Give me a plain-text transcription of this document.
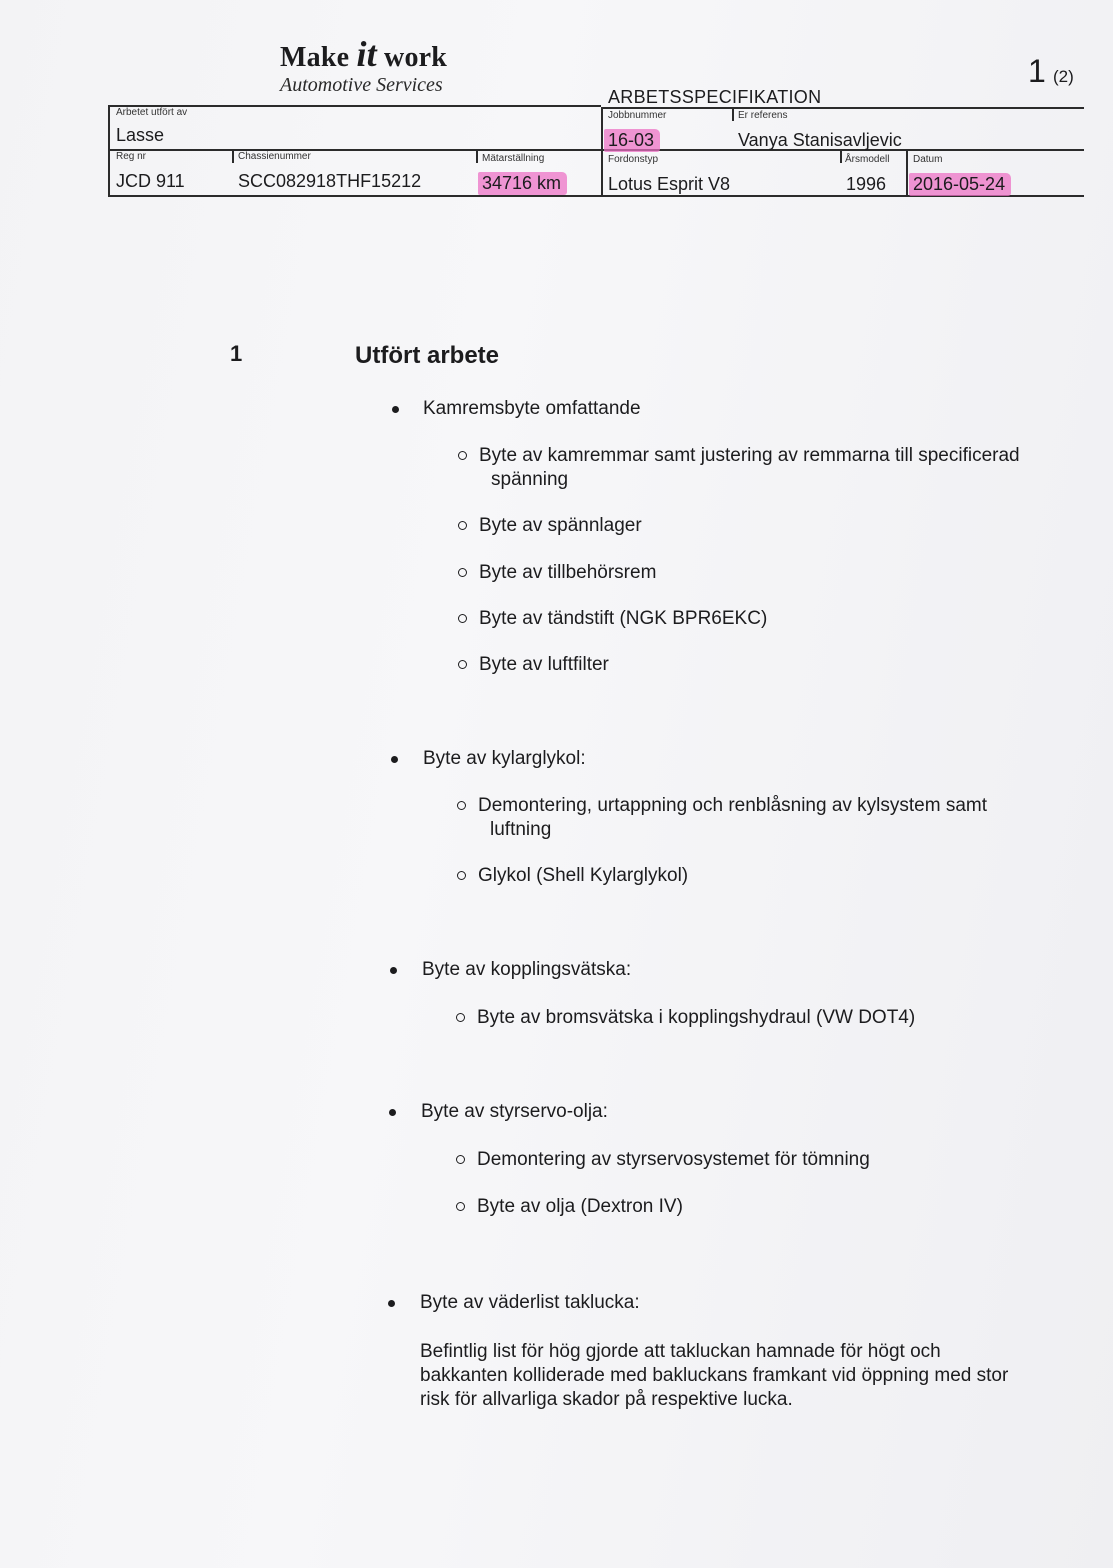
Make it work
Automotive Services	1 (2)
ARBETSSPECIFIKATION
Arbetet utfört av
Lasse
Jobbnummer
16-03
Er referens
Vanya Stanisavljevic
Reg nr
JCD 911
Chassienummer
SCC082918THF15212
Mätarställning
34716 km
Fordonstyp
Lotus Esprit V8
Årsmodell
1996
Datum
2016-05-24
1	Utfört arbete
Kamremsbyte omfattande
Byte av kamremmar samt justering av remmarna till specificerad
spänning
Byte av spännlager
Byte av tillbehörsrem
Byte av tändstift (NGK BPR6EKC)
Byte av luftfilter
Byte av kylarglykol:
Demontering, urtappning och renblåsning av kylsystem samt
luftning
Glykol (Shell Kylarglykol)
Byte av kopplingsvätska:
Byte av bromsvätska i kopplingshydraul (VW DOT4)
Byte av styrservo-olja:
Demontering av styrservosystemet för tömning
Byte av olja (Dextron IV)
Byte av väderlist taklucka:
Befintlig list för hög gjorde att takluckan hamnade för högt och
bakkanten kolliderade med bakluckans framkant vid öppning med stor
risk för allvarliga skador på respektive lucka.
